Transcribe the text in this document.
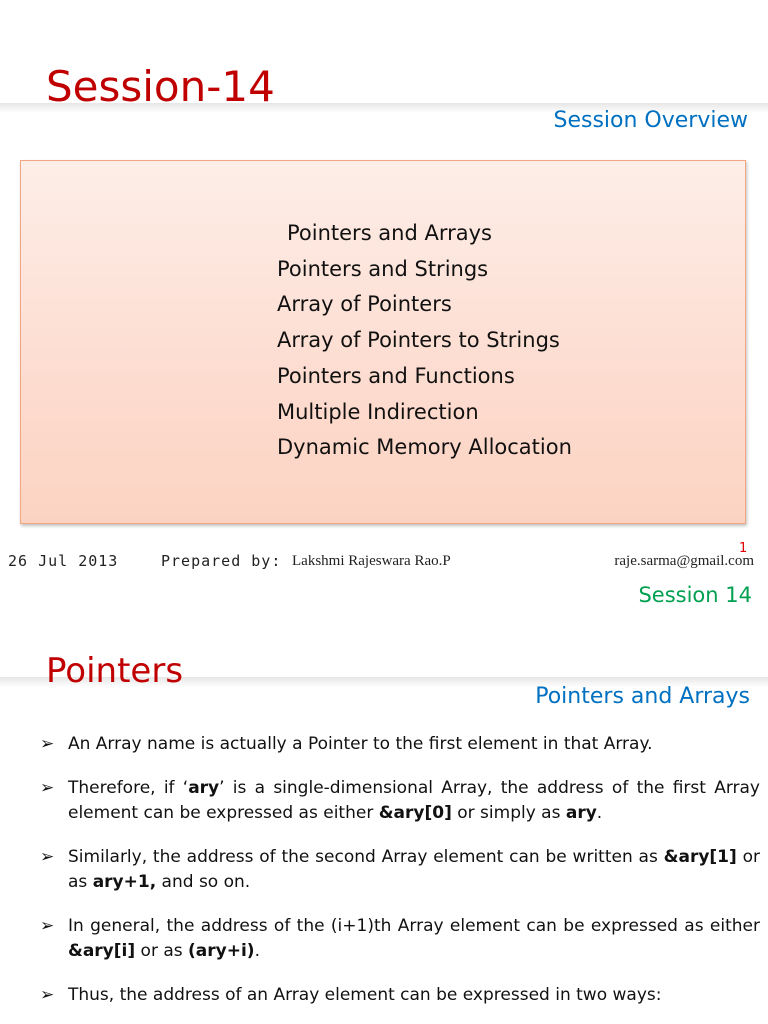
Session-14
Session Overview
Pointers and Arrays
Pointers and Strings
Array of Pointers
Array of Pointers to Strings
Pointers and Functions
Multiple Indirection
Dynamic Memory Allocation
26 Jul 2013	Prepared by: Lakshmi Rajeswara Rao.P
1
raje.sarma@gmail.com
Session 14
Pointers
Pointers and Arrays
➢ An Array name is actually a Pointer to the first element in that Array.
➢ Therefore, if ‘ary’ is a single-dimensional Array, the address of the first Array element can be expressed as either &ary[0] or simply as ary.
➢ Similarly, the address of the second Array element can be written as &ary[1] or as ary+1, and so on.
➢ In general, the address of the (i+1)th Array element can be expressed as either &ary[i] or as (ary+i).
➢ Thus, the address of an Array element can be expressed in two ways:
